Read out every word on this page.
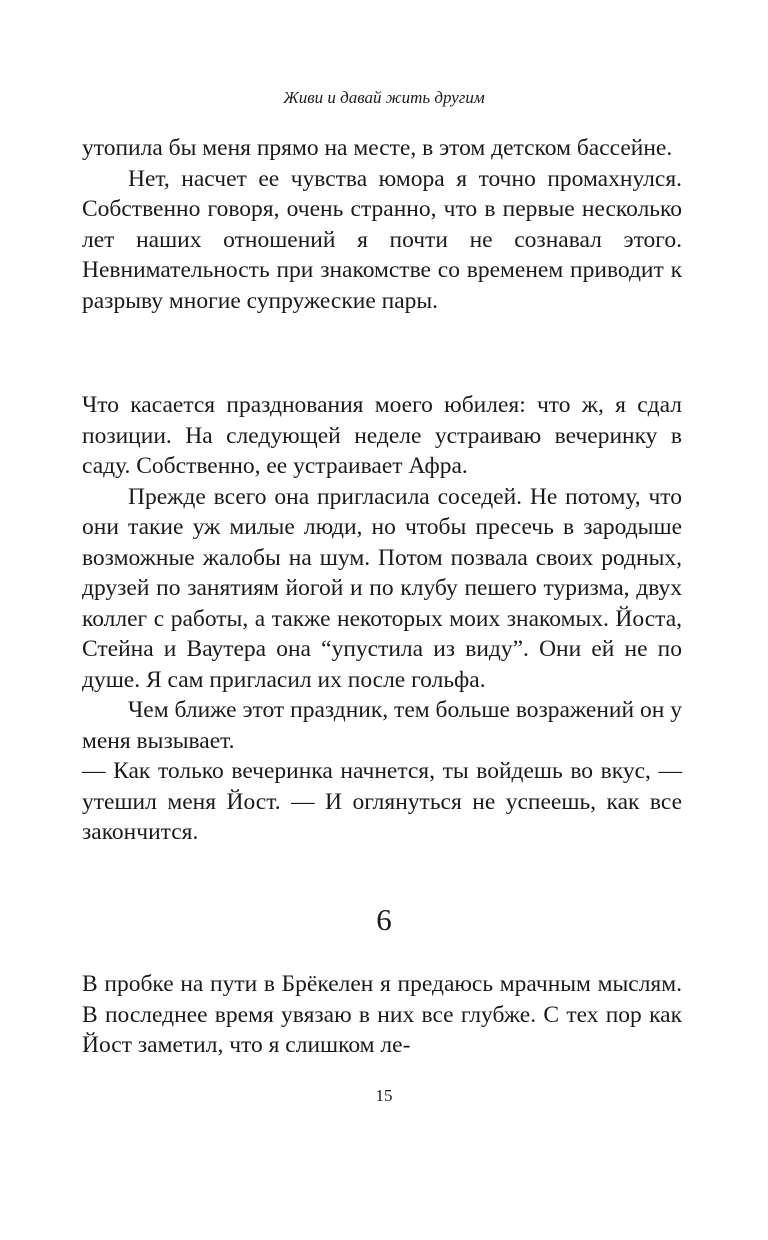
Живи и давай жить другим

утопила бы меня прямо на месте, в этом детском бассейне.

Нет, насчет ее чувства юмора я точно промахнулся. Собственно говоря, очень странно, что в первые несколько лет наших отношений я почти не сознавал этого. Невнимательность при знакомстве со временем приводит к разрыву многие супружеские пары.

Что касается празднования моего юбилея: что ж, я сдал позиции. На следующей неделе устраиваю вечеринку в саду. Собственно, ее устраивает Афра.

Прежде всего она пригласила соседей. Не потому, что они такие уж милые люди, но чтобы пресечь в зародыше возможные жалобы на шум. Потом позвала своих родных, друзей по занятиям йогой и по клубу пешего туризма, двух коллег с работы, а также некоторых моих знакомых. Йоста, Стейна и Ваутера она “упустила из виду”. Они ей не по душе. Я сам пригласил их после гольфа.

Чем ближе этот праздник, тем больше возражений он у меня вызывает.

— Как только вечеринка начнется, ты войдешь во вкус, — утешил меня Йост. — И оглянуться не успеешь, как все закончится.

6

В пробке на пути в Брёкелен я предаюсь мрачным мыслям. В последнее время увязаю в них все глубже. С тех пор как Йост заметил, что я слишком ле-

15
